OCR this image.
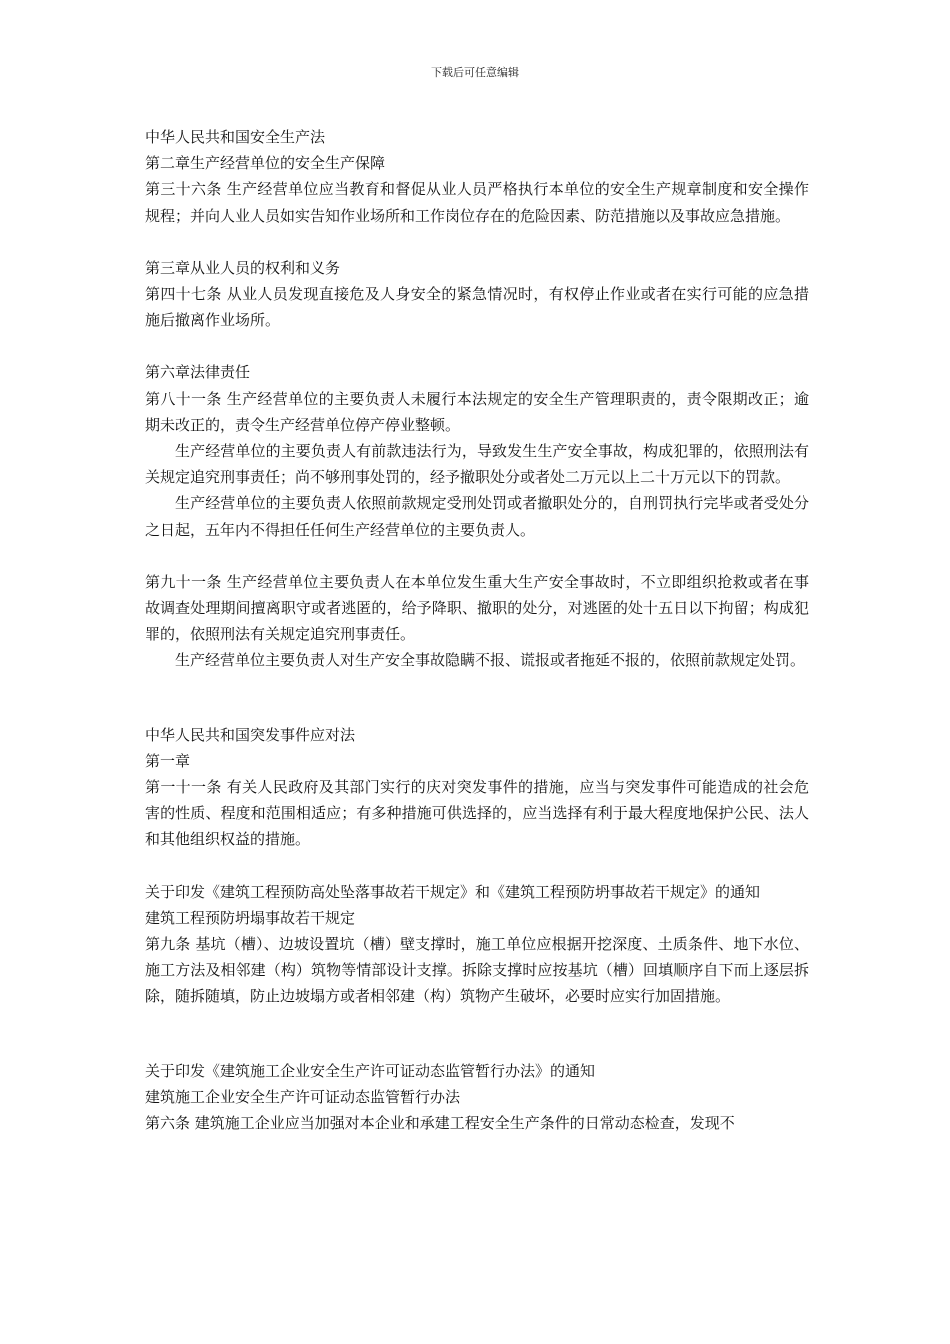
下载后可任意编辑

中华人民共和国安全生产法

第二章生产经营单位的安全生产保障

第三十六条 生产经营单位应当教育和督促从业人员严格执行本单位的安全生产规章制度和安全操作规程；并向人业人员如实告知作业场所和工作岗位存在的危险因素、防范措施以及事故应急措施。

第三章从业人员的权利和义务

第四十七条 从业人员发现直接危及人身安全的紧急情况时，有权停止作业或者在实行可能的应急措施后撤离作业场所。

第六章法律责任

第八十一条 生产经营单位的主要负责人未履行本法规定的安全生产管理职责的，责令限期改正；逾期未改正的，责令生产经营单位停产停业整顿。

生产经营单位的主要负责人有前款违法行为，导致发生生产安全事故，构成犯罪的，依照刑法有关规定追究刑事责任；尚不够刑事处罚的，经予撤职处分或者处二万元以上二十万元以下的罚款。

生产经营单位的主要负责人依照前款规定受刑处罚或者撤职处分的，自刑罚执行完毕或者受处分之日起，五年内不得担任任何生产经营单位的主要负责人。

第九十一条 生产经营单位主要负责人在本单位发生重大生产安全事故时，不立即组织抢救或者在事故调查处理期间擅离职守或者逃匿的，给予降职、撤职的处分，对逃匿的处十五日以下拘留；构成犯罪的，依照刑法有关规定追究刑事责任。

生产经营单位主要负责人对生产安全事故隐瞒不报、谎报或者拖延不报的，依照前款规定处罚。

中华人民共和国突发事件应对法

第一章

第一十一条 有关人民政府及其部门实行的庆对突发事件的措施，应当与突发事件可能造成的社会危害的性质、程度和范围相适应；有多种措施可供选择的，应当选择有利于最大程度地保护公民、法人和其他组织权益的措施。

关于印发《建筑工程预防高处坠落事故若干规定》和《建筑工程预防坍事故若干规定》的通知

建筑工程预防坍塌事故若干规定

第九条 基坑（槽）、边坡设置坑（槽）壁支撑时，施工单位应根据开挖深度、土质条件、地下水位、施工方法及相邻建（构）筑物等情部设计支撑。拆除支撑时应按基坑（槽）回填顺序自下而上逐层拆除，随拆随填，防止边坡塌方或者相邻建（构）筑物产生破坏，必要时应实行加固措施。

关于印发《建筑施工企业安全生产许可证动态监管暂行办法》的通知

建筑施工企业安全生产许可证动态监管暂行办法

第六条 建筑施工企业应当加强对本企业和承建工程安全生产条件的日常动态检查，发现不
